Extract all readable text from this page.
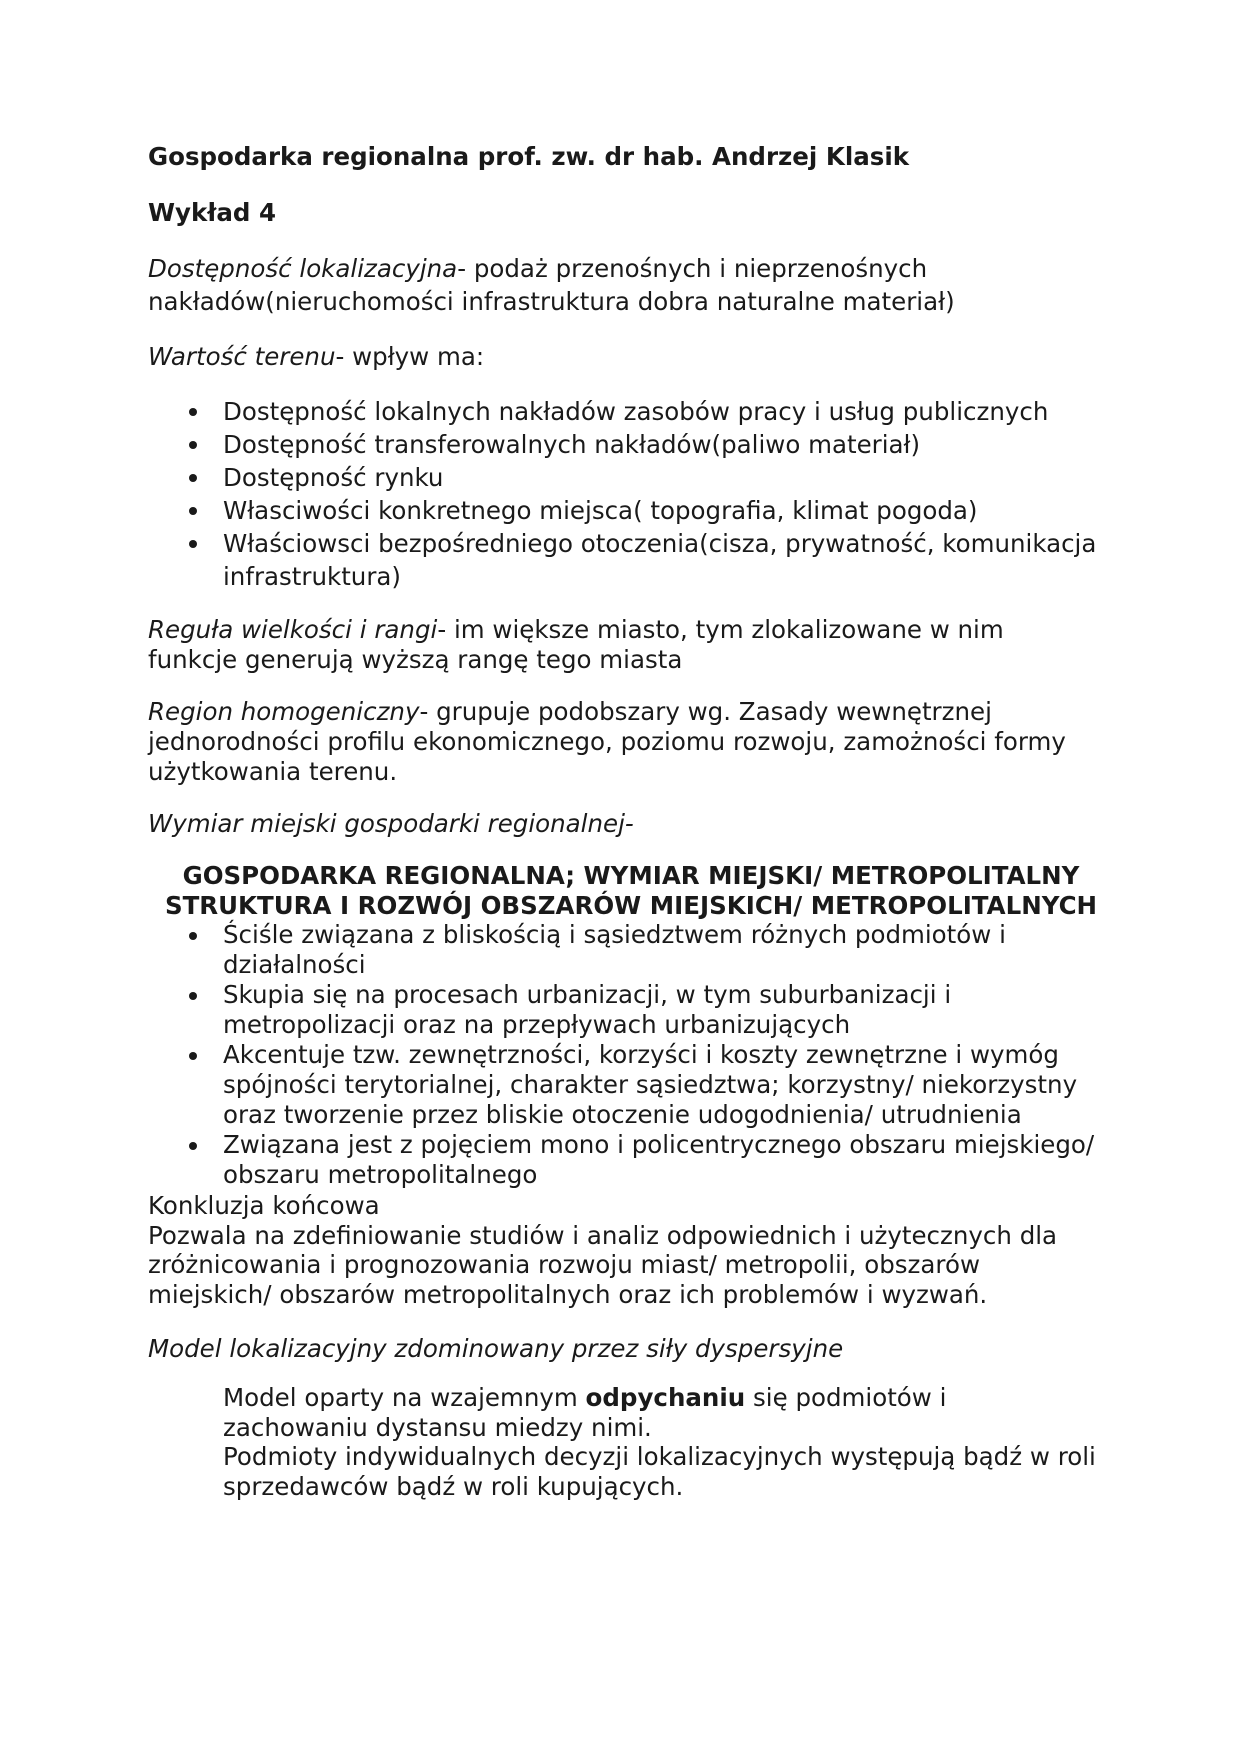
Gospodarka regionalna prof. zw. dr hab. Andrzej Klasik

Wykład 4

Dostępność lokalizacyjna- podaż przenośnych i nieprzenośnych nakładów(nieruchomości infrastruktura dobra naturalne materiał)

Wartość terenu- wpływ ma:

Dostępność lokalnych nakładów zasobów pracy i usług publicznych
Dostępność transferowalnych nakładów(paliwo materiał)
Dostępność rynku
Własciwości konkretnego miejsca( topografia, klimat pogoda)
Właściowsci bezpośredniego otoczenia(cisza, prywatność, komunikacja infrastruktura)

Reguła wielkości i rangi- im większe miasto, tym zlokalizowane w nim funkcje generują wyższą rangę tego miasta

Region homogeniczny- grupuje podobszary wg. Zasady wewnętrznej jednorodności profilu ekonomicznego, poziomu rozwoju, zamożności formy użytkowania terenu.

Wymiar miejski gospodarki regionalnej-

GOSPODARKA REGIONALNA; WYMIAR MIEJSKI/ METROPOLITALNY
STRUKTURA I ROZWÓJ OBSZARÓW MIEJSKICH/ METROPOLITALNYCH

Ściśle związana z bliskością i sąsiedztwem różnych podmiotów i działalności
Skupia się na procesach urbanizacji, w tym suburbanizacji i metropolizacji oraz na przepływach urbanizujących
Akcentuje tzw. zewnętrzności, korzyści i koszty zewnętrzne i wymóg spójności terytorialnej, charakter sąsiedztwa; korzystny/ niekorzystny oraz tworzenie przez bliskie otoczenie udogodnienia/ utrudnienia
Związana jest z pojęciem mono i policentrycznego obszaru miejskiego/ obszaru metropolitalnego

Konkluzja końcowa

Pozwala na zdefiniowanie studiów i analiz odpowiednich i użytecznych dla zróżnicowania i prognozowania rozwoju miast/ metropolii, obszarów miejskich/ obszarów metropolitalnych oraz ich problemów i wyzwań.

Model lokalizacyjny zdominowany przez siły dyspersyjne

Model oparty na wzajemnym odpychaniu się podmiotów i zachowaniu dystansu miedzy nimi.

Podmioty indywidualnych decyzji lokalizacyjnych występują bądź w roli sprzedawców bądź w roli kupujących.
